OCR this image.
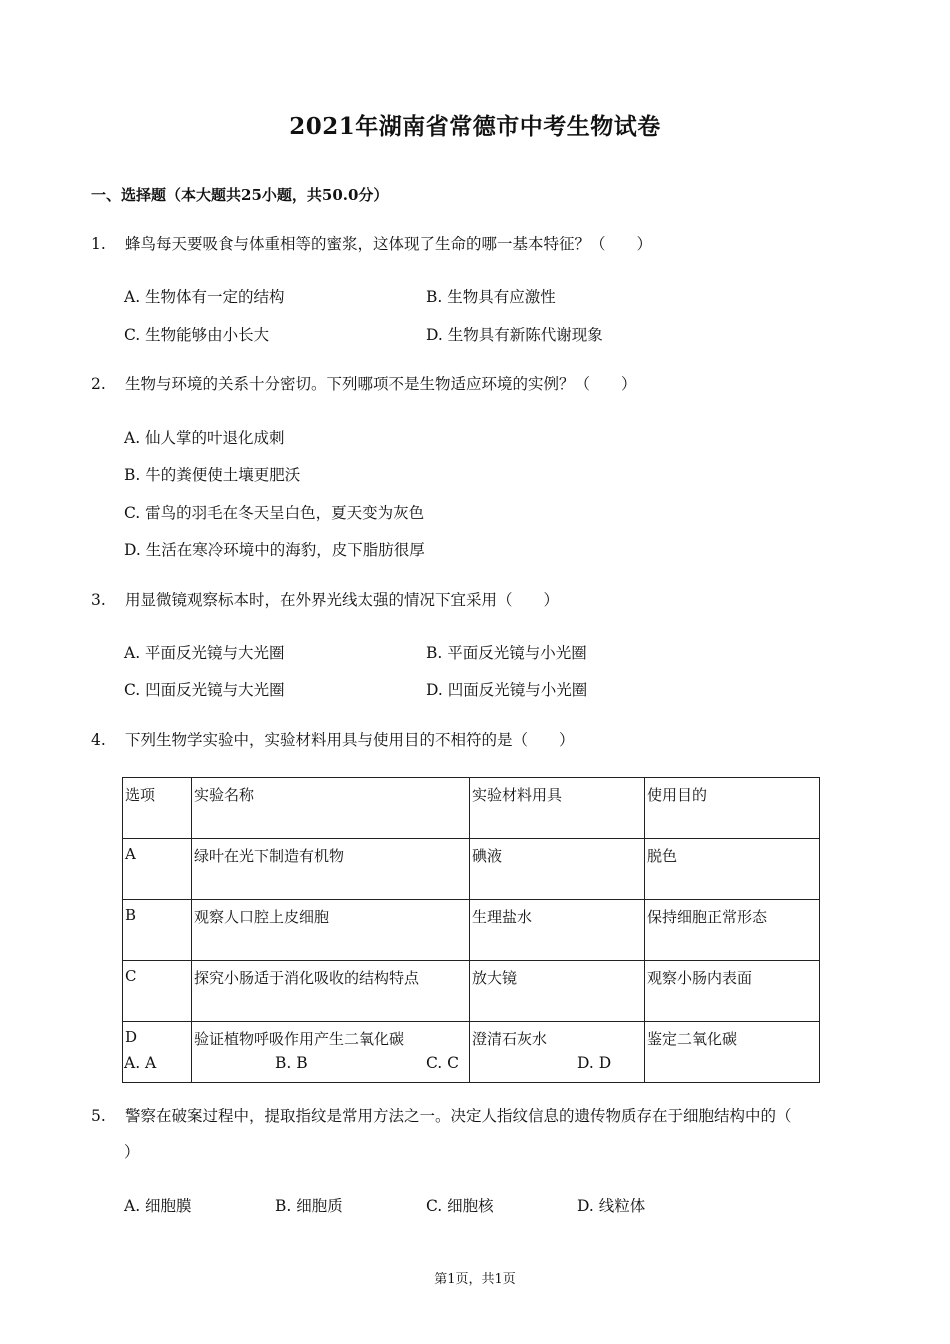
2021年湖南省常德市中考生物试卷
一、选择题（本大题共25小题，共50.0分）
1. 蜂鸟每天要吸食与体重相等的蜜浆，这体现了生命的哪一基本特征？（　　）
A. 生物体有一定的结构	B. 生物具有应激性
C. 生物能够由小长大	D. 生物具有新陈代谢现象
2. 生物与环境的关系十分密切。下列哪项不是生物适应环境的实例？（　　）
A. 仙人掌的叶退化成刺
B. 牛的粪便使土壤更肥沃
C. 雷鸟的羽毛在冬天呈白色，夏天变为灰色
D. 生活在寒冷环境中的海豹，皮下脂肪很厚
3. 用显微镜观察标本时，在外界光线太强的情况下宜采用（　　）
A. 平面反光镜与大光圈	B. 平面反光镜与小光圈
C. 凹面反光镜与大光圈	D. 凹面反光镜与小光圈
4. 下列生物学实验中，实验材料用具与使用目的不相符的是（　　）
选项	实验名称	实验材料用具	使用目的
A	绿叶在光下制造有机物	碘液	脱色
B	观察人口腔上皮细胞	生理盐水	保持细胞正常形态
C	探究小肠适于消化吸收的结构特点	放大镜	观察小肠内表面
D	验证植物呼吸作用产生二氧化碳	澄清石灰水	鉴定二氧化碳
A. A	B. B	C. C	D. D
5. 警察在破案过程中，提取指纹是常用方法之一。决定人指纹信息的遗传物质存在于细胞结构中的（
）
A. 细胞膜	B. 细胞质	C. 细胞核	D. 线粒体
第1页，共1页
